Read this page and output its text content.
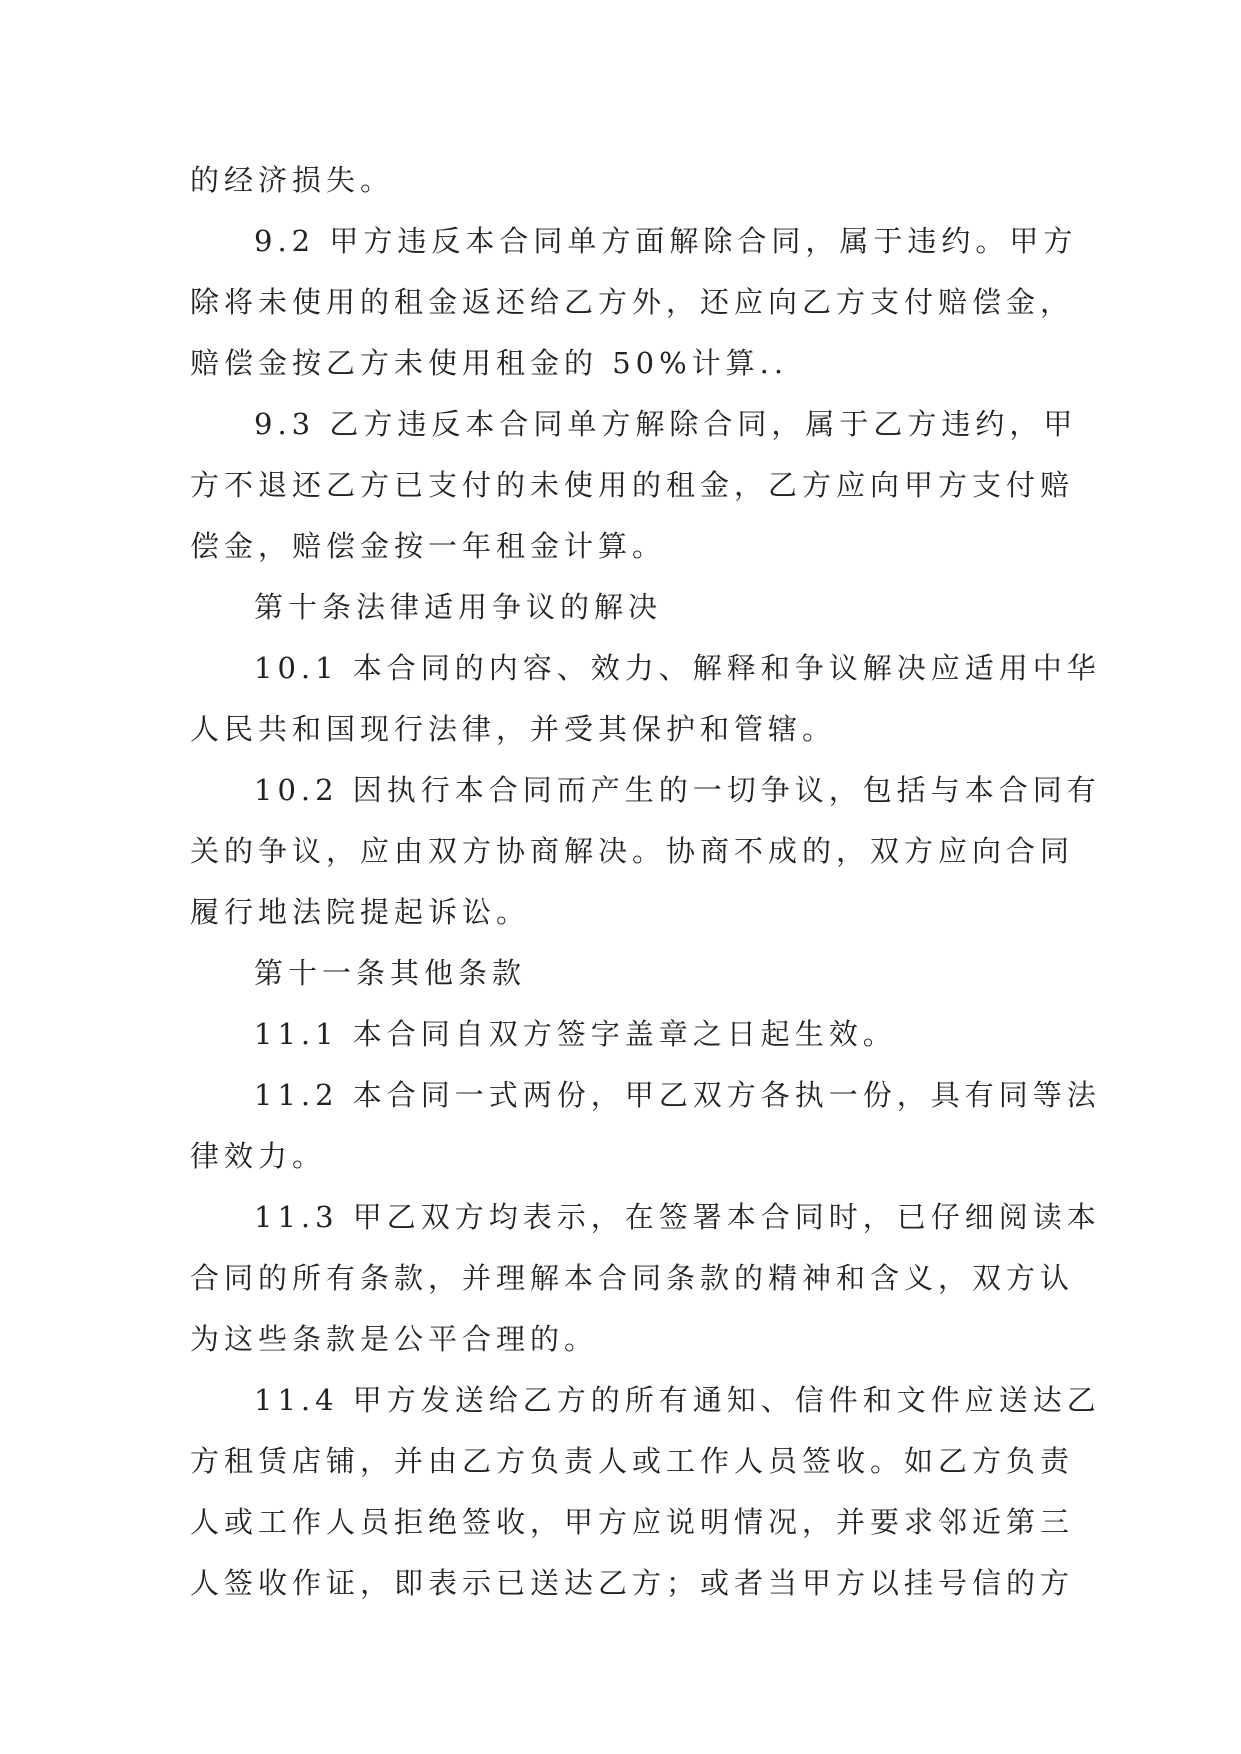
的经济损失。
9.2 甲方违反本合同单方面解除合同，属于违约。甲方
除将未使用的租金返还给乙方外，还应向乙方支付赔偿金，
赔偿金按乙方未使用租金的 50%计算..
9.3 乙方违反本合同单方解除合同，属于乙方违约，甲
方不退还乙方已支付的未使用的租金，乙方应向甲方支付赔
偿金，赔偿金按一年租金计算。
第十条法律适用争议的解决
10.1 本合同的内容、效力、解释和争议解决应适用中华
人民共和国现行法律，并受其保护和管辖。
10.2 因执行本合同而产生的一切争议，包括与本合同有
关的争议，应由双方协商解决。协商不成的，双方应向合同
履行地法院提起诉讼。
第十一条其他条款
11.1 本合同自双方签字盖章之日起生效。
11.2 本合同一式两份，甲乙双方各执一份，具有同等法
律效力。
11.3 甲乙双方均表示，在签署本合同时，已仔细阅读本
合同的所有条款，并理解本合同条款的精神和含义，双方认
为这些条款是公平合理的。
11.4 甲方发送给乙方的所有通知、信件和文件应送达乙
方租赁店铺，并由乙方负责人或工作人员签收。如乙方负责
人或工作人员拒绝签收，甲方应说明情况，并要求邻近第三
人签收作证，即表示已送达乙方；或者当甲方以挂号信的方
